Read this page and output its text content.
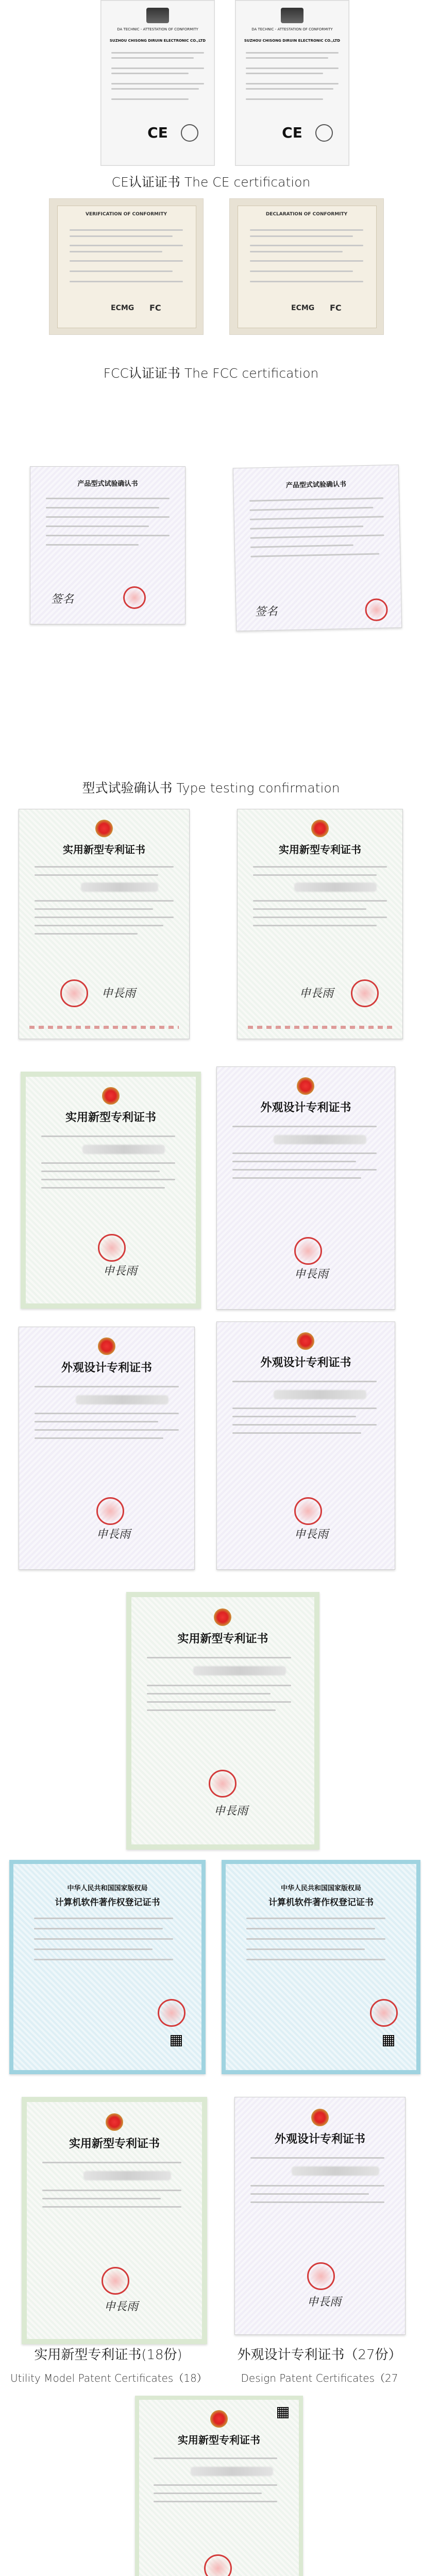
DA TECHNIC - ATTESTATION OF CONFORMITY
SUZHOU CHISONG DIRUIN ELECTRONIC CO.,LTD
CE
DA TECHNIC - ATTESTATION OF CONFORMITY
SUZHOU CHISONG DIRUIN ELECTRONIC CO.,LTD
CE
CE认证证书 The CE certification
VERIFICATION OF CONFORMITY
ECMG FC
DECLARATION OF CONFORMITY
ECMG FC
FCC认证证书 The FCC certification
产品型式试验确认书
签名
产品型式试验确认书
签名
型式试验确认书 Type testing confirmation
实用新型专利证书
申長雨
实用新型专利证书
申長雨
实用新型专利证书
申長雨
外观设计专利证书
申長雨
外观设计专利证书
申長雨
外观设计专利证书
申長雨
实用新型专利证书
申長雨
中华人民共和国国家版权局
计算机软件著作权登记证书
中华人民共和国国家版权局
计算机软件著作权登记证书
实用新型专利证书
申長雨
外观设计专利证书
申長雨
实用新型专利证书(18份)	外观设计专利证书（27份）
Utility Model Patent Certificates（18）	Design Patent Certificates（27
实用新型专利证书
